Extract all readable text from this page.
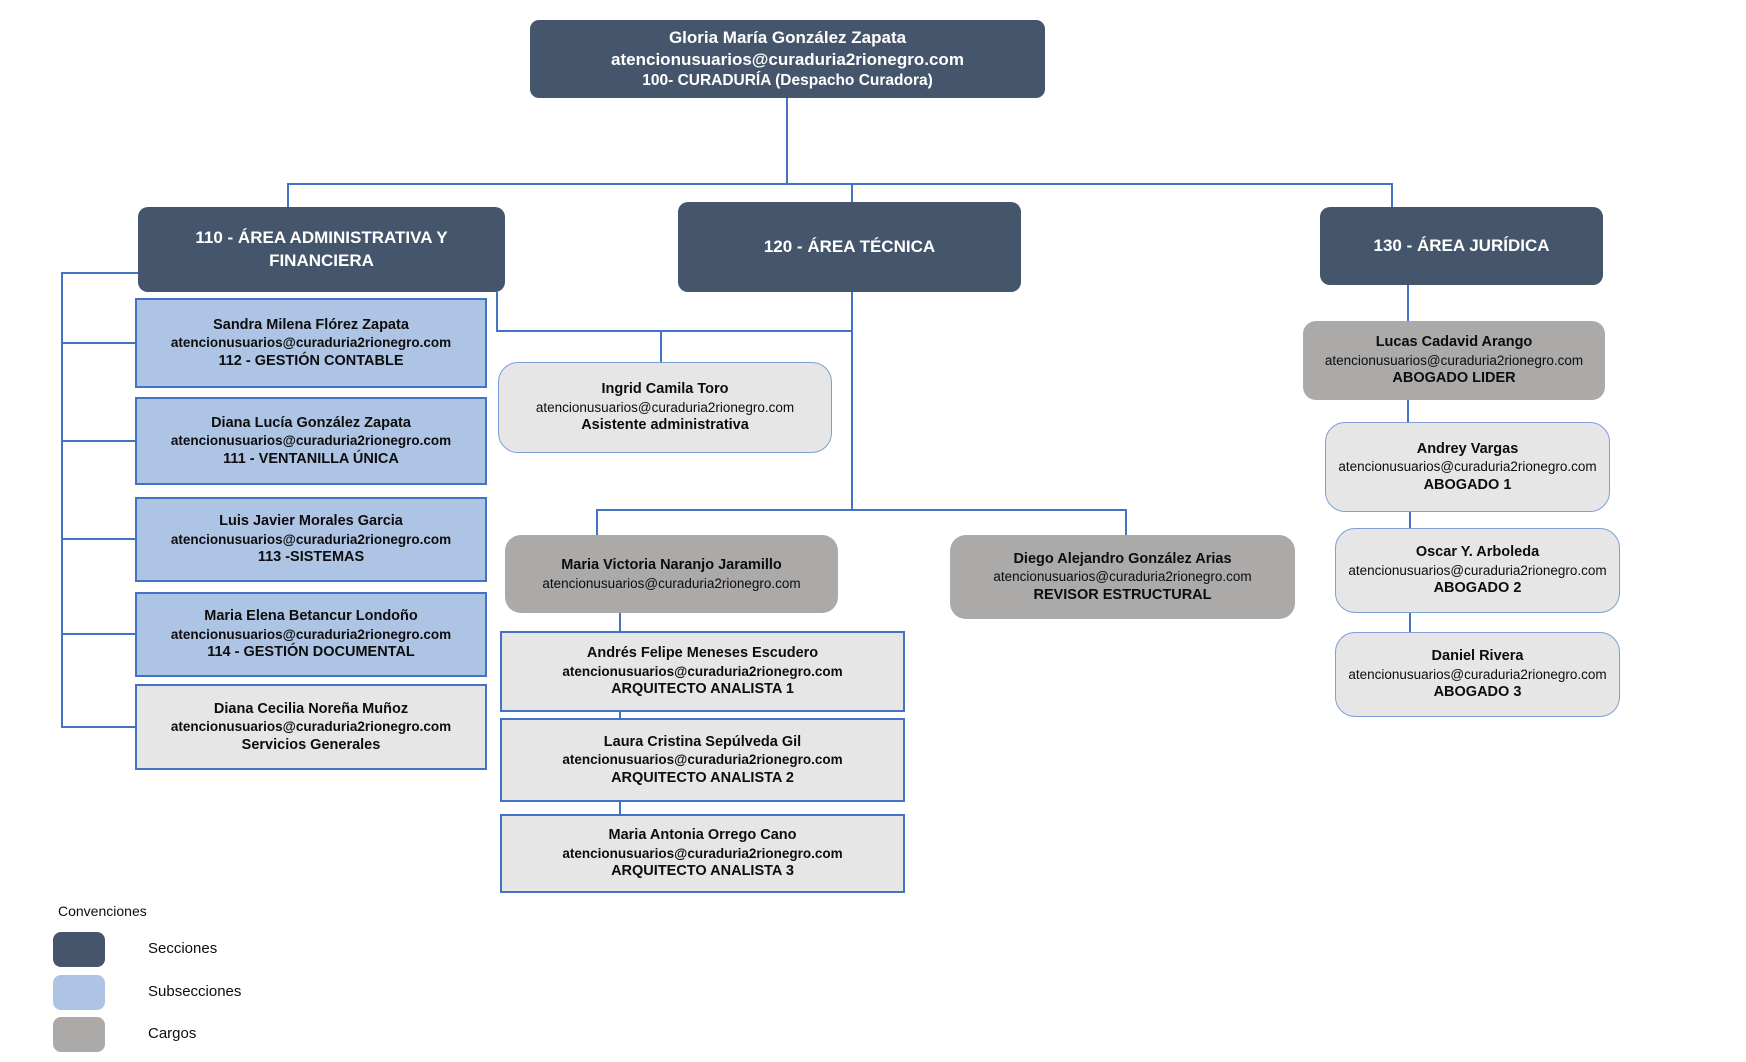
Gloria María González Zapata
atencionusuarios@curaduria2rionegro.com
100- CURADURÍA (Despacho Curadora)
110 - ÁREA ADMINISTRATIVA Y FINANCIERA
120 - ÁREA TÉCNICA	130 - ÁREA JURÍDICA
Sandra Milena Flórez Zapata
atencionusuarios@curaduria2rionegro.com
112 - GESTIÓN CONTABLE
Diana Lucía González Zapata
atencionusuarios@curaduria2rionegro.com
111 - VENTANILLA ÚNICA
Luis Javier Morales Garcia
atencionusuarios@curaduria2rionegro.com
113 -SISTEMAS
Maria Elena Betancur Londoño
atencionusuarios@curaduria2rionegro.com
114 - GESTIÓN DOCUMENTAL
Diana Cecilia Noreña Muñoz
atencionusuarios@curaduria2rionegro.com
Servicios Generales
Ingrid Camila Toro
atencionusuarios@curaduria2rionegro.com
Asistente administrativa
Maria Victoria Naranjo Jaramillo
atencionusuarios@curaduria2rionegro.com
Diego Alejandro González Arias
atencionusuarios@curaduria2rionegro.com
REVISOR ESTRUCTURAL
Andrés Felipe Meneses Escudero
atencionusuarios@curaduria2rionegro.com
ARQUITECTO ANALISTA 1
Laura Cristina Sepúlveda Gil
atencionusuarios@curaduria2rionegro.com
ARQUITECTO ANALISTA 2
Maria Antonia Orrego Cano
atencionusuarios@curaduria2rionegro.com
ARQUITECTO ANALISTA 3
Lucas Cadavid Arango
atencionusuarios@curaduria2rionegro.com
ABOGADO LIDER
Andrey Vargas
atencionusuarios@curaduria2rionegro.com
ABOGADO 1
Oscar Y. Arboleda
atencionusuarios@curaduria2rionegro.com
ABOGADO 2
Daniel Rivera
atencionusuarios@curaduria2rionegro.com
ABOGADO 3
Convenciones
Secciones
Subsecciones
Cargos
